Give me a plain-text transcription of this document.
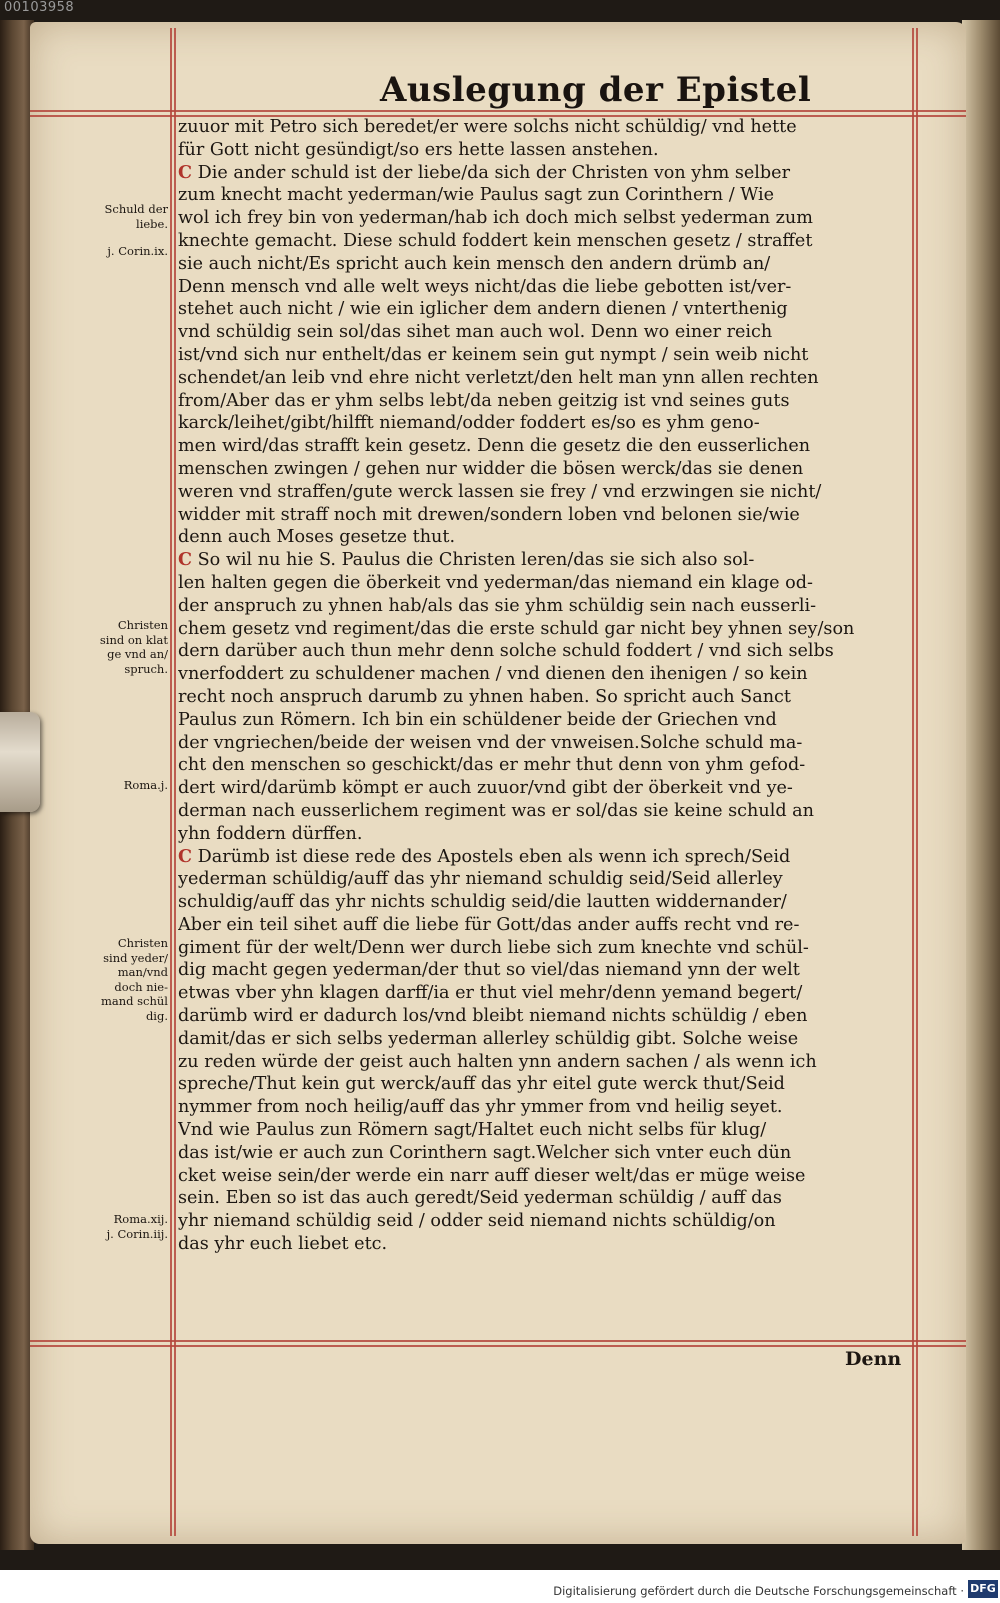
00103958
Auslegung der Epistel
zuuor mit Petro sich beredet/er were solchs nicht schüldig/ vnd hette
für Gott nicht gesündigt/so ers hette lassen anstehen.
C Die ander schuld ist der liebe/da sich der Christen von yhm selber
zum knecht macht yederman/wie Paulus sagt zun Corinthern / Wie
wol ich frey bin von yederman/hab ich doch mich selbst yederman zum
knechte gemacht. Diese schuld foddert kein menschen gesetz / straffet
sie auch nicht/Es spricht auch kein mensch den andern drümb an/
Denn mensch vnd alle welt weys nicht/das die liebe gebotten ist/ver-
stehet auch nicht / wie ein iglicher dem andern dienen / vnterthenig
vnd schüldig sein sol/das sihet man auch wol. Denn wo einer reich
ist/vnd sich nur enthelt/das er keinem sein gut nympt / sein weib nicht
schendet/an leib vnd ehre nicht verletzt/den helt man ynn allen rechten
from/Aber das er yhm selbs lebt/da neben geitzig ist vnd seines guts
karck/leihet/gibt/hilfft niemand/odder foddert es/so es yhm geno-
men wird/das strafft kein gesetz. Denn die gesetz die den eusserlichen
menschen zwingen / gehen nur widder die bösen werck/das sie denen
weren vnd straffen/gute werck lassen sie frey / vnd erzwingen sie nicht/
widder mit straff noch mit drewen/sondern loben vnd belonen sie/wie
denn auch Moses gesetze thut.
C So wil nu hie S. Paulus die Christen leren/das sie sich also sol-
len halten gegen die öberkeit vnd yederman/das niemand ein klage od-
der anspruch zu yhnen hab/als das sie yhm schüldig sein nach eusserli-
chem gesetz vnd regiment/das die erste schuld gar nicht bey yhnen sey/son
dern darüber auch thun mehr denn solche schuld foddert / vnd sich selbs
vnerfoddert zu schuldener machen / vnd dienen den ihenigen / so kein
recht noch anspruch darumb zu yhnen haben. So spricht auch Sanct
Paulus zun Römern. Ich bin ein schüldener beide der Griechen vnd
der vngriechen/beide der weisen vnd der vnweisen.Solche schuld ma-
cht den menschen so geschickt/das er mehr thut denn von yhm gefod-
dert wird/darümb kömpt er auch zuuor/vnd gibt der öberkeit vnd ye-
derman nach eusserlichem regiment was er sol/das sie keine schuld an
yhn foddern dürffen.
C Darümb ist diese rede des Apostels eben als wenn ich sprech/Seid
yederman schüldig/auff das yhr niemand schuldig seid/Seid allerley
schuldig/auff das yhr nichts schuldig seid/die lautten widdernander/
Aber ein teil sihet auff die liebe für Gott/das ander auffs recht vnd re-
giment für der welt/Denn wer durch liebe sich zum knechte vnd schül-
dig macht gegen yederman/der thut so viel/das niemand ynn der welt
etwas vber yhn klagen darff/ia er thut viel mehr/denn yemand begert/
darümb wird er dadurch los/vnd bleibt niemand nichts schüldig / eben
damit/das er sich selbs yederman allerley schüldig gibt. Solche weise
zu reden würde der geist auch halten ynn andern sachen / als wenn ich
spreche/Thut kein gut werck/auff das yhr eitel gute werck thut/Seid
nymmer from noch heilig/auff das yhr ymmer from vnd heilig seyet.
Vnd wie Paulus zun Römern sagt/Haltet euch nicht selbs für klug/
das ist/wie er auch zun Corinthern sagt.Welcher sich vnter euch dün
cket weise sein/der werde ein narr auff dieser welt/das er müge weise
sein. Eben so ist das auch geredt/Seid yederman schüldig / auff das
yhr niemand schüldig seid / odder seid niemand nichts schüldig/on
das yhr euch liebet etc.
Schuld der
liebe.
j. Corin.ix.
Christen
sind on klat
ge vnd an/
spruch.
Roma.j.
Christen
sind yeder/
man/vnd
doch nie-
mand schül
dig.
Roma.xij.
j. Corin.iij.
Denn
Digitalisierung gefördert durch die Deutsche Forschungsgemeinschaft · DFG
